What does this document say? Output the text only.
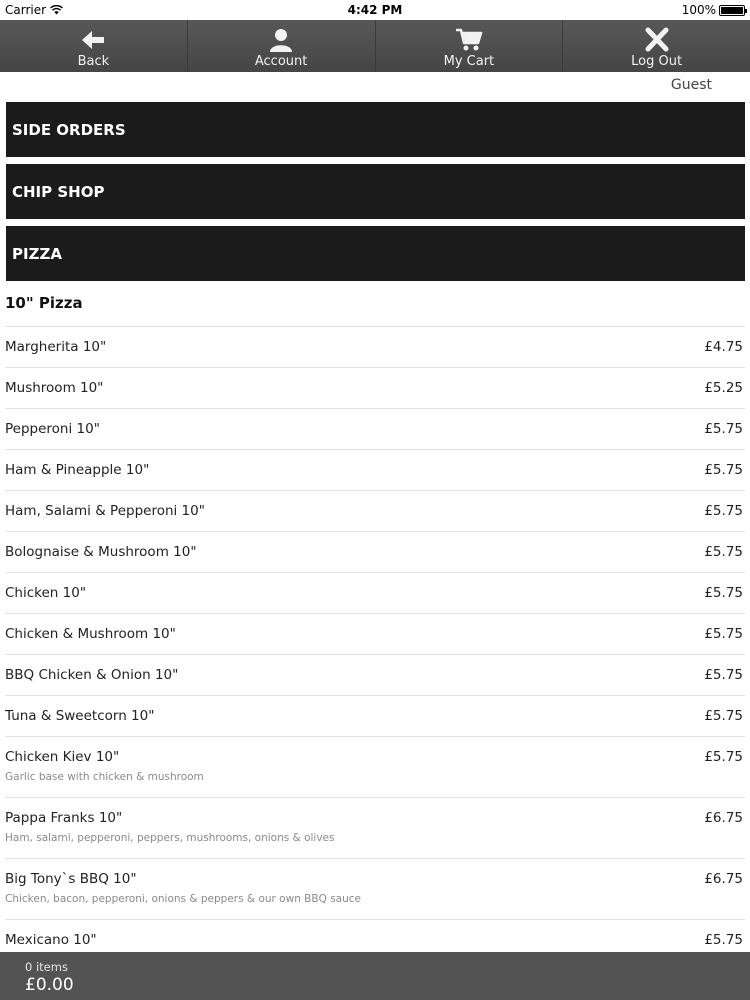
Carrier	4:42 PM	100%
Back	Account	My Cart	Log Out
Guest
SIDE ORDERS
CHIP SHOP
PIZZA
10" Pizza
Margherita 10"	£4.75
Mushroom 10"	£5.25
Pepperoni 10"	£5.75
Ham & Pineapple 10"	£5.75
Ham, Salami & Pepperoni 10"	£5.75
Bolognaise & Mushroom 10"	£5.75
Chicken 10"	£5.75
Chicken & Mushroom 10"	£5.75
BBQ Chicken & Onion 10"	£5.75
Tuna & Sweetcorn 10"	£5.75
Chicken Kiev 10"	£5.75
Garlic base with chicken & mushroom
Pappa Franks 10"	£6.75
Ham, salami, pepperoni, peppers, mushrooms, onions & olives
Big Tony`s BBQ 10"	£6.75
Chicken, bacon, pepperoni, onions & peppers & our own BBQ sauce
Mexicano 10"	£5.75
0 items
£0.00
